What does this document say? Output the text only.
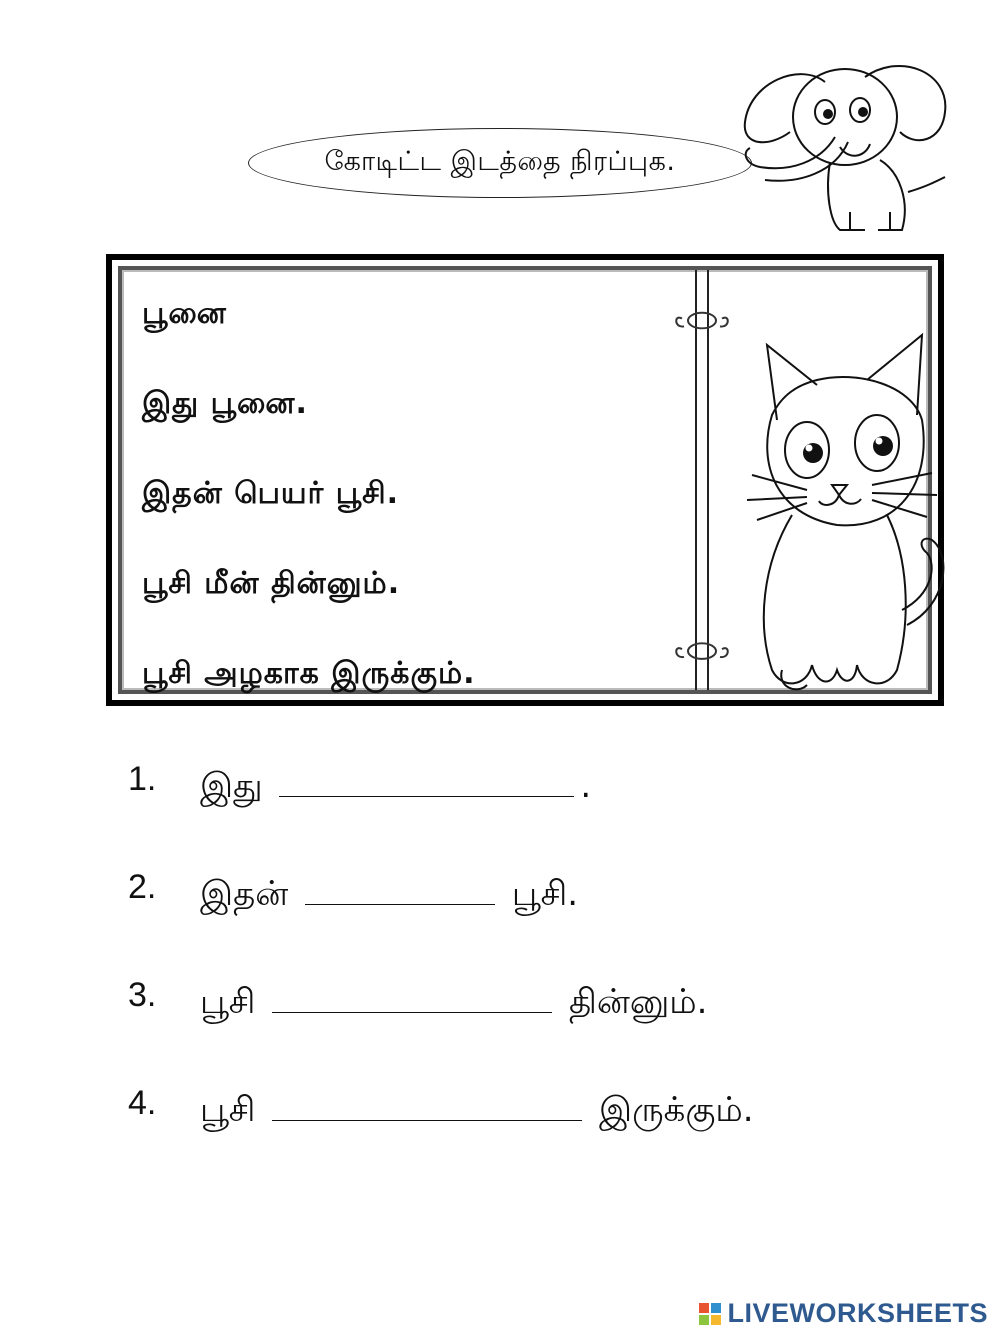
கோடிட்ட இடத்தை நிரப்புக.
பூனை
இது பூனை.
இதன் பெயர் பூசி.
பூசி மீன் தின்னும்.
பூசி அழகாக இருக்கும்.
1. இது	.
2. இதன்	பூசி.
3. பூசி	தின்னும்.
4. பூசி	இருக்கும்.
LIVEWORKSHEETS
